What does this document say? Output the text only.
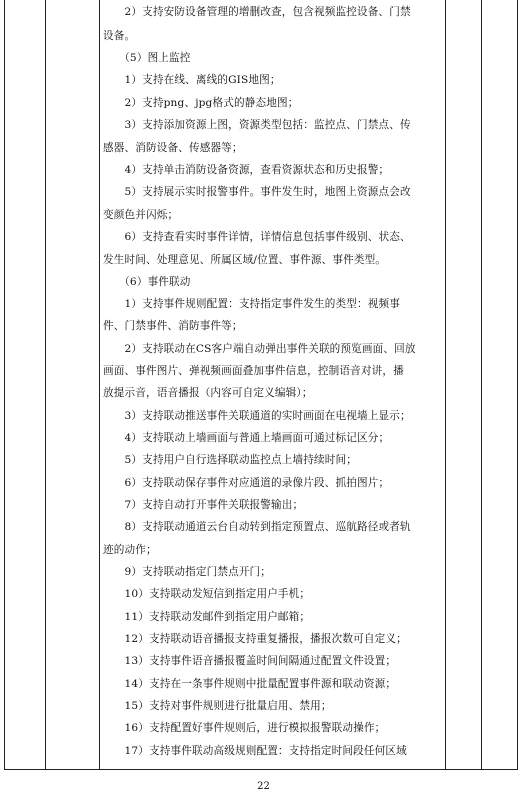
　　2）支持安防设备管理的增删改查，包含视频监控设备、门禁
设备。
　　（5）图上监控
　　1）支持在线、离线的GIS地图；
　　2）支持png、jpg格式的静态地图；
　　3）支持添加资源上图，资源类型包括：监控点、门禁点、传
感器、消防设备、传感器等；
　　4）支持单击消防设备资源，查看资源状态和历史报警；
　　5）支持展示实时报警事件。事件发生时，地图上资源点会改
变颜色并闪烁；
　　6）支持查看实时事件详情，详情信息包括事件级别、状态、
发生时间、处理意见、所属区域/位置、事件源、事件类型。
　　（6）事件联动
　　1）支持事件规则配置：支持指定事件发生的类型：视频事
件、门禁事件、消防事件等；
　　2）支持联动在CS客户端自动弹出事件关联的预览画面、回放
画面、事件图片、弹视频画面叠加事件信息，控制语音对讲，播
放提示音，语音播报（内容可自定义编辑）；
　　3）支持联动推送事件关联通道的实时画面在电视墙上显示；
　　4）支持联动上墙画面与普通上墙画面可通过标记区分；
　　5）支持用户自行选择联动监控点上墙持续时间；
　　6）支持联动保存事件对应通道的录像片段、抓拍图片；
　　7）支持自动打开事件关联报警输出；
　　8）支持联动通道云台自动转到指定预置点、巡航路径或者轨
迹的动作；
　　9）支持联动指定门禁点开门；
　　10）支持联动发短信到指定用户手机；
　　11）支持联动发邮件到指定用户邮箱；
　　12）支持联动语音播报支持重复播报，播报次数可自定义；
　　13）支持事件语音播报覆盖时间间隔通过配置文件设置；
　　14）支持在一条事件规则中批量配置事件源和联动资源；
　　15）支持对事件规则进行批量启用、禁用；
　　16）支持配置好事件规则后，进行模拟报警联动操作；
　　17）支持事件联动高级规则配置：支持指定时间段任何区域
22
